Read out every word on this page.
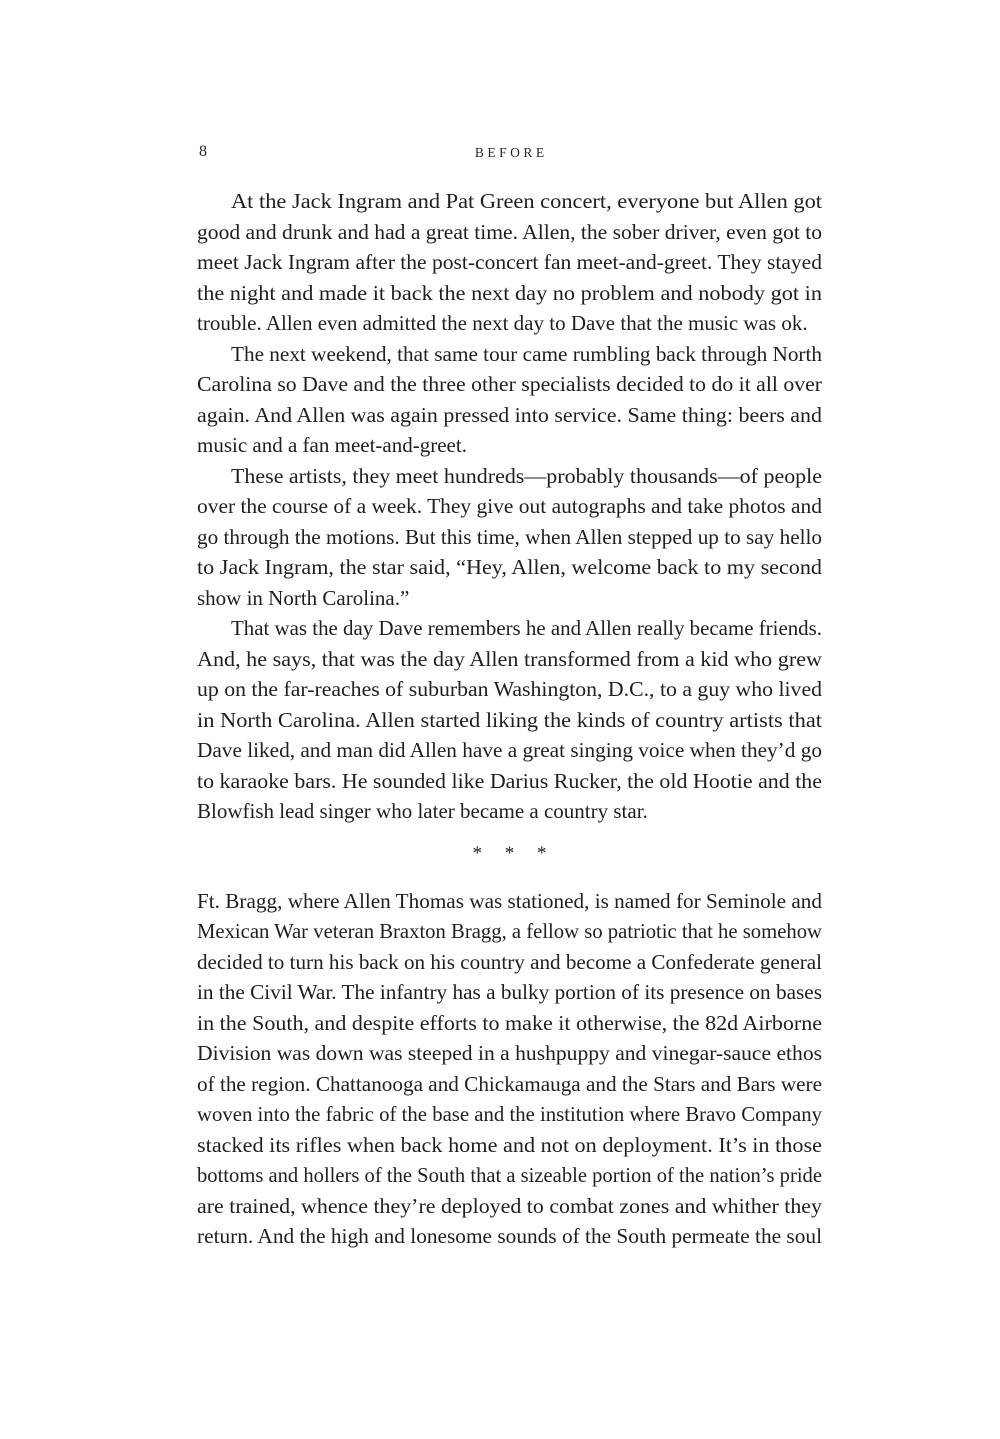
8	BEFORE
At the Jack Ingram and Pat Green concert, everyone but Allen got
good and drunk and had a great time. Allen, the sober driver, even got to
meet Jack Ingram after the post-concert fan meet-and-greet. They stayed
the night and made it back the next day no problem and nobody got in
trouble. Allen even admitted the next day to Dave that the music was ok.
The next weekend, that same tour came rumbling back through North
Carolina so Dave and the three other specialists decided to do it all over
again. And Allen was again pressed into service. Same thing: beers and
music and a fan meet-and-greet.
These artists, they meet hundreds—probably thousands—of people
over the course of a week. They give out autographs and take photos and
go through the motions. But this time, when Allen stepped up to say hello
to Jack Ingram, the star said, “Hey, Allen, welcome back to my second
show in North Carolina.”
That was the day Dave remembers he and Allen really became friends.
And, he says, that was the day Allen transformed from a kid who grew
up on the far-reaches of suburban Washington, D.C., to a guy who lived
in North Carolina. Allen started liking the kinds of country artists that
Dave liked, and man did Allen have a great singing voice when they’d go
to karaoke bars. He sounded like Darius Rucker, the old Hootie and the
Blowfish lead singer who later became a country star.
* * *
Ft. Bragg, where Allen Thomas was stationed, is named for Seminole and
Mexican War veteran Braxton Bragg, a fellow so patriotic that he somehow
decided to turn his back on his country and become a Confederate general
in the Civil War. The infantry has a bulky portion of its presence on bases
in the South, and despite efforts to make it otherwise, the 82d Airborne
Division was down was steeped in a hushpuppy and vinegar-sauce ethos
of the region. Chattanooga and Chickamauga and the Stars and Bars were
woven into the fabric of the base and the institution where Bravo Company
stacked its rifles when back home and not on deployment. It’s in those
bottoms and hollers of the South that a sizeable portion of the nation’s pride
are trained, whence they’re deployed to combat zones and whither they
return. And the high and lonesome sounds of the South permeate the soul
